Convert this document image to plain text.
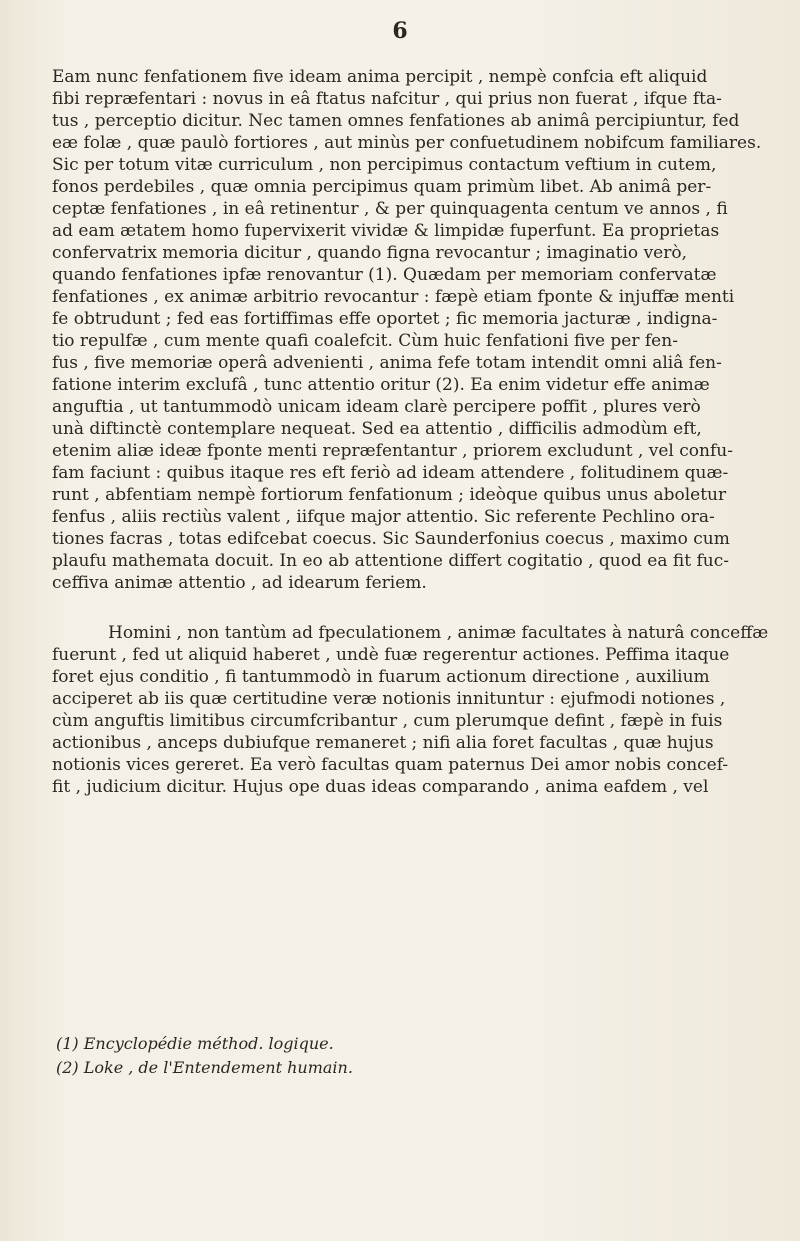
6
Eam nunc fenfationem five ideam anima percipit , nempè confcia eft aliquid
fibi repræfentari : novus in eâ ftatus nafcitur , qui prius non fuerat , ifque fta-
tus , perceptio dicitur. Nec tamen omnes fenfationes ab animâ percipiuntur, fed
eæ folæ , quæ paulò fortiores , aut minùs per confuetudinem nobifcum familiares.
Sic per totum vitæ curriculum , non percipimus contactum veftium in cutem,
fonos perdebiles , quæ omnia percipimus quam primùm libet. Ab animâ per-
ceptæ fenfationes , in eâ retinentur , & per quinquagenta centum ve annos , fi
ad eam ætatem homo fupervixerit vividæ & limpidæ fuperfunt. Ea proprietas
confervatrix memoria dicitur , quando figna revocantur ; imaginatio verò,
quando fenfationes ipfæ renovantur (1). Quædam per memoriam confervatæ
fenfationes , ex animæ arbitrio revocantur : fæpè etiam fponte & injuffæ menti
fe obtrudunt ; fed eas fortiffimas effe oportet ; fic memoria jacturæ , indigna-
tio repulfæ , cum mente quafi coalefcit. Cùm huic fenfationi five per fen-
fus , five memoriæ operâ advenienti , anima fefe totam intendit omni aliâ fen-
fatione interim exclufâ , tunc attentio oritur (2). Ea enim videtur effe animæ
anguftia , ut tantummodò unicam ideam clarè percipere poffit , plures verò
unà diftinctè contemplare nequeat. Sed ea attentio , difficilis admodùm eft,
etenim aliæ ideæ fponte menti repræfentantur , priorem excludunt , vel confu-
fam faciunt : quibus itaque res eft feriò ad ideam attendere , folitudinem quæ-
runt , abfentiam nempè fortiorum fenfationum ; ideòque quibus unus aboletur
fenfus , aliis rectiùs valent , iifque major attentio. Sic referente Pechlino ora-
tiones facras , totas edifcebat coecus. Sic Saunderfonius coecus , maximo cum
plaufu mathemata docuit. In eo ab attentione differt cogitatio , quod ea fit fuc-
ceffiva animæ attentio , ad idearum feriem.
Homini , non tantùm ad fpeculationem , animæ facultates à naturâ conceffæ
fuerunt , fed ut aliquid haberet , undè fuæ regerentur actiones. Peffima itaque
foret ejus conditio , fi tantummodò in fuarum actionum directione , auxilium
acciperet ab iis quæ certitudine veræ notionis innituntur : ejufmodi notiones ,
cùm anguftis limitibus circumfcribantur , cum plerumque defint , fæpè in fuis
actionibus , anceps dubiufque remaneret ; nifi alia foret facultas , quæ hujus
notionis vices gereret. Ea verò facultas quam paternus Dei amor nobis concef-
fit , judicium dicitur. Hujus ope duas ideas comparando , anima eafdem , vel
(1) Encyclopédie méthod. logique.
(2) Loke , de l'Entendement humain.
